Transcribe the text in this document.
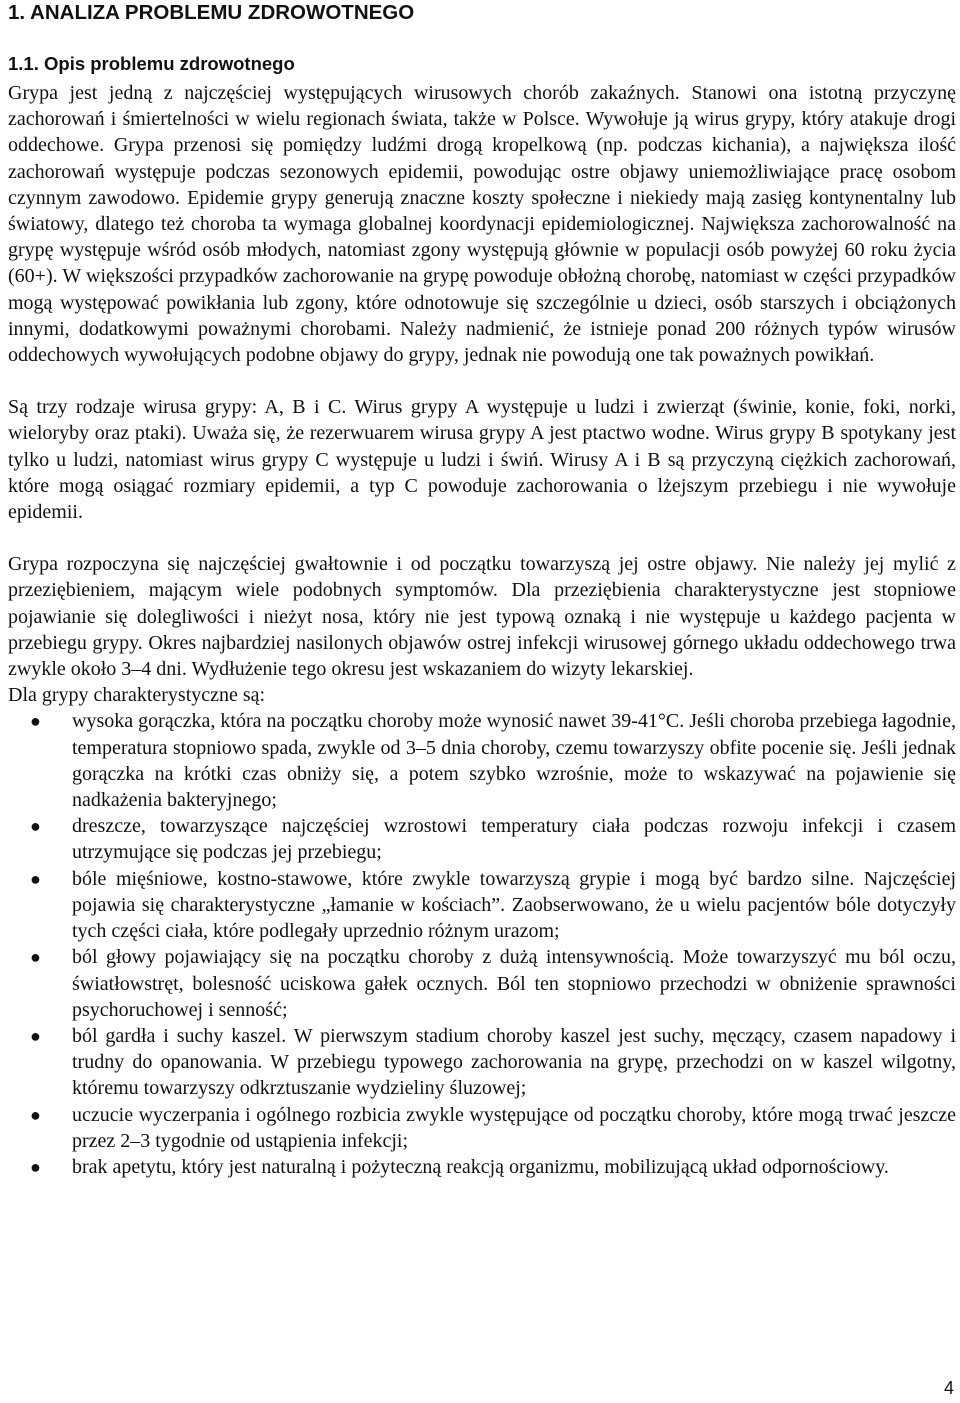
1. ANALIZA PROBLEMU ZDROWOTNEGO
1.1. Opis problemu zdrowotnego

Grypa jest jedną z najczęściej występujących wirusowych chorób zakaźnych. Stanowi ona istotną przyczynę zachorowań i śmiertelności w wielu regionach świata, także w Polsce. Wywołuje ją wirus grypy, który atakuje drogi oddechowe. Grypa przenosi się pomiędzy ludźmi drogą kropelkową (np. podczas kichania), a największa ilość zachorowań występuje podczas sezonowych epidemii, powodując ostre objawy uniemożliwiające pracę osobom czynnym zawodowo. Epidemie grypy generują znaczne koszty społeczne i niekiedy mają zasięg kontynentalny lub światowy, dlatego też choroba ta wymaga globalnej koordynacji epidemiologicznej. Największa zachorowalność na grypę występuje wśród osób młodych, natomiast zgony występują głównie w populacji osób powyżej 60 roku życia (60+). W większości przypadków zachorowanie na grypę powoduje obłożną chorobę, natomiast w części przypadków mogą występować powikłania lub zgony, które odnotowuje się szczególnie u dzieci, osób starszych i obciążonych innymi, dodatkowymi poważnymi chorobami. Należy nadmienić, że istnieje ponad 200 różnych typów wirusów oddechowych wywołujących podobne objawy do grypy, jednak nie powodują one tak poważnych powikłań.

Są trzy rodzaje wirusa grypy: A, B i C. Wirus grypy A występuje u ludzi i zwierząt (świnie, konie, foki, norki, wieloryby oraz ptaki). Uważa się, że rezerwuarem wirusa grypy A jest ptactwo wodne. Wirus grypy B spotykany jest tylko u ludzi, natomiast wirus grypy C występuje u ludzi i świń. Wirusy A i B są przyczyną ciężkich zachorowań, które mogą osiągać rozmiary epidemii, a typ C powoduje zachorowania o lżejszym przebiegu i nie wywołuje epidemii.

Grypa rozpoczyna się najczęściej gwałtownie i od początku towarzyszą jej ostre objawy. Nie należy jej mylić z przeziębieniem, mającym wiele podobnych symptomów. Dla przeziębienia charakterystyczne jest stopniowe pojawianie się dolegliwości i nieżyt nosa, który nie jest typową oznaką i nie występuje u każdego pacjenta w przebiegu grypy. Okres najbardziej nasilonych objawów ostrej infekcji wirusowej górnego układu oddechowego trwa zwykle około 3–4 dni. Wydłużenie tego okresu jest wskazaniem do wizyty lekarskiej.

Dla grypy charakterystyczne są:

● wysoka gorączka, która na początku choroby może wynosić nawet 39-41°C. Jeśli choroba przebiega łagodnie, temperatura stopniowo spada, zwykle od 3–5 dnia choroby, czemu towarzyszy obfite pocenie się. Jeśli jednak gorączka na krótki czas obniży się, a potem szybko wzrośnie, może to wskazywać na pojawienie się nadkażenia bakteryjnego;
● dreszcze, towarzyszące najczęściej wzrostowi temperatury ciała podczas rozwoju infekcji i czasem utrzymujące się podczas jej przebiegu;
● bóle mięśniowe, kostno-stawowe, które zwykle towarzyszą grypie i mogą być bardzo silne. Najczęściej pojawia się charakterystyczne „łamanie w kościach”. Zaobserwowano, że u wielu pacjentów bóle dotyczyły tych części ciała, które podlegały uprzednio różnym urazom;
● ból głowy pojawiający się na początku choroby z dużą intensywnością. Może towarzyszyć mu ból oczu, światłowstręt, bolesność uciskowa gałek ocznych. Ból ten stopniowo przechodzi w obniżenie sprawności psychoruchowej i senność;
● ból gardła i suchy kaszel. W pierwszym stadium choroby kaszel jest suchy, męczący, czasem napadowy i trudny do opanowania. W przebiegu typowego zachorowania na grypę, przechodzi on w kaszel wilgotny, któremu towarzyszy odkrztuszanie wydzieliny śluzowej;
● uczucie wyczerpania i ogólnego rozbicia zwykle występujące od początku choroby, które mogą trwać jeszcze przez 2–3 tygodnie od ustąpienia infekcji;
● brak apetytu, który jest naturalną i pożyteczną reakcją organizmu, mobilizującą układ odpornościowy.
4
